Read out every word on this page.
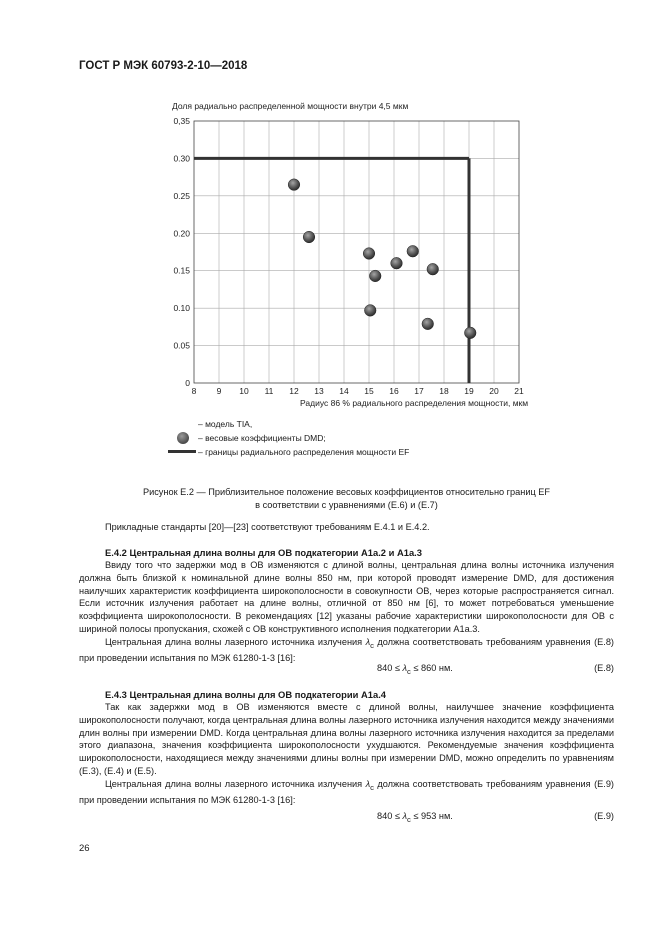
ГОСТ Р МЭК 60793-2-10—2018
Доля радиально распределенной мощности внутри 4,5 мкм
8 9 10 11 12 13 14 15 16 17 18 19 20 21
0
0.05
0.10
0.15
0.20
0.25
0.30
0,35
Радиус 86 % радиального распределения мощности, мкм
– модель TIA,
– весовые коэффициенты DMD;
– границы радиального распределения мощности EF
Рисунок Е.2 — Приблизительное положение весовых коэффициентов относительно границ EF
в соответствии с уравнениями (Е.6) и (Е.7)
Прикладные стандарты [20]—[23] соответствуют требованиям Е.4.1 и Е.4.2.
Е.4.2 Центральная длина волны для ОВ подкатегории А1а.2 и А1а.3

Ввиду того что задержки мод в ОВ изменяются с длиной волны, центральная длина волны источника излучения должна быть близкой к номинальной длине волны 850 нм, при которой проводят измерение DMD, для достижения наилучших характеристик коэффициента широкополосности в совокупности ОВ, через которые распространяется сигнал. Если источник излучения работает на длине волны, отличной от 850 нм [6], то может потребоваться уменьшение коэффициента широкополосности. В рекомендациях [12] указаны рабочие характеристики широкополосности для ОВ с шириной полосы пропускания, схожей с ОВ конструктивного исполнения подкатегории А1а.3.

Центральная длина волны лазерного источника излучения $\lambda_c$ должна соответствовать требованиям уравнения (Е.8) при проведении испытания по МЭК 61280-1-3 [16]:

$840 \le \lambda_c \le 860$ нм.	(Е.8)
Е.4.3 Центральная длина волны для ОВ подкатегории А1а.4

Так как задержки мод в ОВ изменяются вместе с длиной волны, наилучшее значение коэффициента широкополосности получают, когда центральная длина волны лазерного источника излучения находится между значениями длин волны при измерении DMD. Когда центральная длина волны лазерного источника излучения находится за пределами этого диапазона, значения коэффициента широкополосности ухудшаются. Рекомендуемые значения коэффициента широкополосности, находящиеся между значениями длины волны при измерении DMD, можно определить по уравнениям (Е.3), (Е.4) и (Е.5).

Центральная длина волны лазерного источника излучения $\lambda_c$ должна соответствовать требованиям уравнения (Е.9) при проведении испытания по МЭК 61280-1-3 [16]:

$840 \le \lambda_c \le 953$ нм.	(Е.9)
26
